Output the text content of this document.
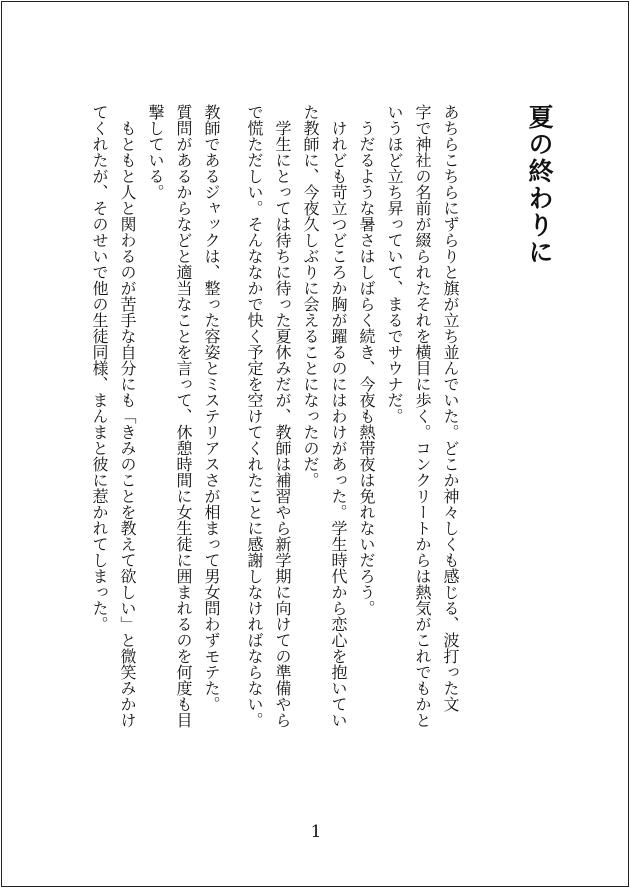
夏の終わりに

あちらこちらにずらりと旗が立ち並んでいた。どこか神々しくも感じる、波打った文

字で神社の名前が綴られたそれを横目に歩く。コンクリートからは熱気がこれでもかと

いうほど立ち昇っていて、まるでサウナだ。

うだるような暑さはしばらく続き、今夜も熱帯夜は免れないだろう。

けれども苛立つどころか胸が躍るのにはわけがあった。学生時代から恋心を抱いてい

た教師に、今夜久しぶりに会えることになったのだ。

学生にとっては待ちに待った夏休みだが、教師は補習やら新学期に向けての準備やら

で慌ただしい。そんななかで快く予定を空けてくれたことに感謝しなければならない。

教師であるジャックは、整った容姿とミステリアスさが相まって男女問わずモテた。

質問があるからなどと適当なことを言って、休憩時間に女生徒に囲まれるのを何度も目

撃している。

もともと人と関わるのが苦手な自分にも「きみのことを教えて欲しい」と微笑みかけ

てくれたが、そのせいで他の生徒同様、まんまと彼に惹かれてしまった。

1
